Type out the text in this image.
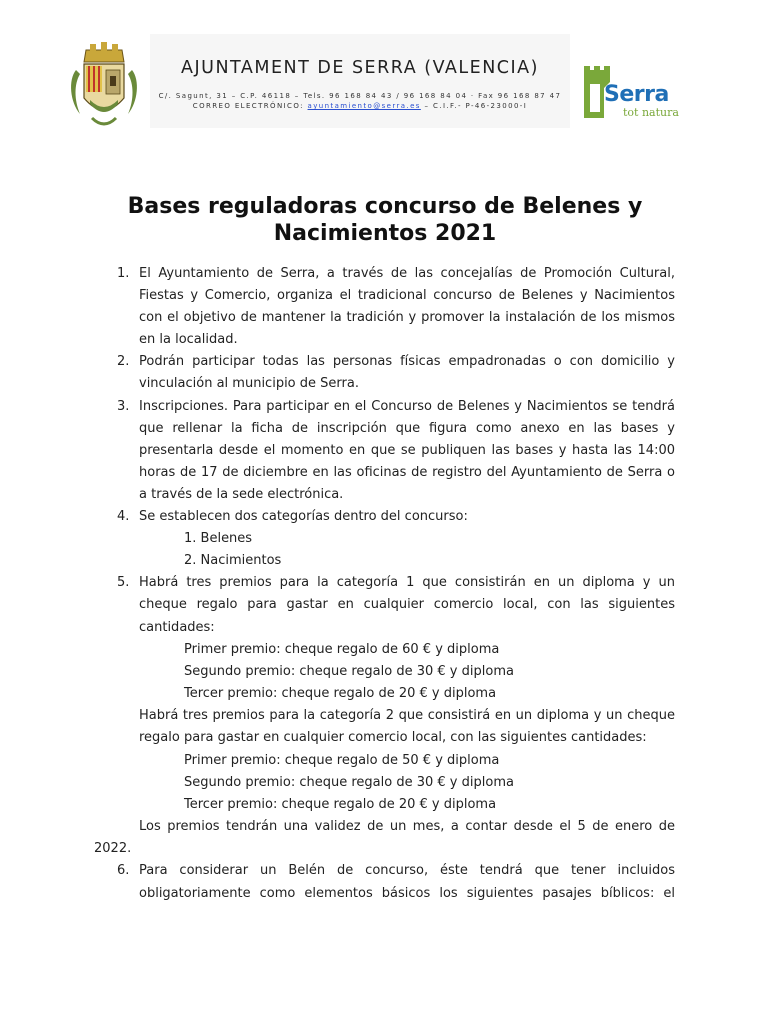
AJUNTAMENT DE SERRA (VALENCIA)
C/. Sagunt, 31 – C.P. 46118 – Tels. 96 168 84 43 / 96 168 84 04 · Fax 96 168 87 47
CORREO ELECTRÓNICO: ayuntamiento@serra.es – C.I.F.- P-46-23000-I	Serra
tot natura
Bases reguladoras concurso de Belenes y
Nacimientos 2021
1. El Ayuntamiento de Serra, a través de las concejalías de Promoción Cultural,
Fiestas y Comercio, organiza el tradicional concurso de Belenes y Nacimientos
con el objetivo de mantener la tradición y promover la instalación de los mismos
en la localidad.
2. Podrán participar todas las personas físicas empadronadas o con domicilio y
vinculación al municipio de Serra.
3. Inscripciones. Para participar en el Concurso de Belenes y Nacimientos se tendrá
que rellenar la ficha de inscripción que figura como anexo en las bases y
presentarla desde el momento en que se publiquen las bases y hasta las 14:00
horas de 17 de diciembre en las oficinas de registro del Ayuntamiento de Serra o
a través de la sede electrónica.
4. Se establecen dos categorías dentro del concurso:
1. Belenes
2. Nacimientos
5. Habrá tres premios para la categoría 1 que consistirán en un diploma y un
cheque regalo para gastar en cualquier comercio local, con las siguientes
cantidades:
Primer premio: cheque regalo de 60 € y diploma
Segundo premio: cheque regalo de 30 € y diploma
Tercer premio: cheque regalo de 20 € y diploma
Habrá tres premios para la categoría 2 que consistirá en un diploma y un cheque
regalo para gastar en cualquier comercio local, con las siguientes cantidades:
Primer premio: cheque regalo de 50 € y diploma
Segundo premio: cheque regalo de 30 € y diploma
Tercer premio: cheque regalo de 20 € y diploma
Los premios tendrán una validez de un mes, a contar desde el 5 de enero de
2022.
6. Para considerar un Belén de concurso, éste tendrá que tener incluidos
obligatoriamente como elementos básicos los siguientes pasajes bíblicos: el
